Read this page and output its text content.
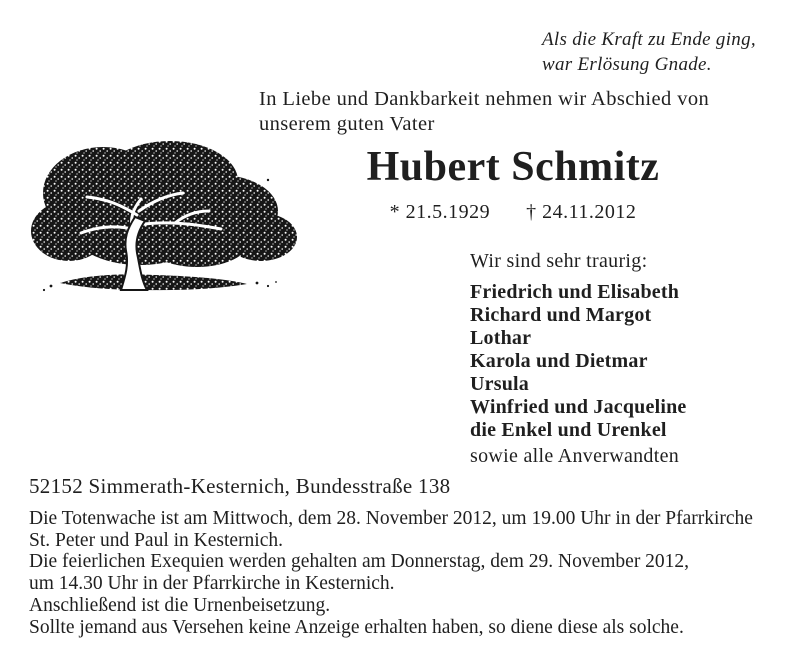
Als die Kraft zu Ende ging,
war Erlösung Gnade.
In Liebe und Dankbarkeit nehmen wir Abschied von
unserem guten Vater
Hubert Schmitz
* 21.5.1929 † 24.11.2012
Wir sind sehr traurig:
Friedrich und Elisabeth
Richard und Margot
Lothar
Karola und Dietmar
Ursula
Winfried und Jacqueline
die Enkel und Urenkel
sowie alle Anverwandten
52152 Simmerath-Kesternich, Bundesstraße 138
Die Totenwache ist am Mittwoch, dem 28. November 2012, um 19.00 Uhr in der Pfarrkirche
St. Peter und Paul in Kesternich.
Die feierlichen Exequien werden gehalten am Donnerstag, dem 29. November 2012,
um 14.30 Uhr in der Pfarrkirche in Kesternich.
Anschließend ist die Urnenbeisetzung.
Sollte jemand aus Versehen keine Anzeige erhalten haben, so diene diese als solche.
